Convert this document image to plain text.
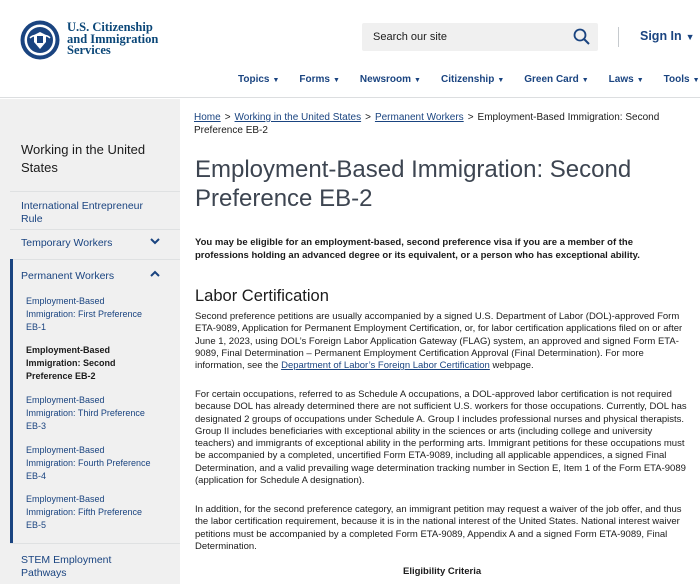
U.S. Citizenship
and Immigration
Services
Search our site
Sign In ▼
Topics ▼ Forms ▼ Newsroom ▼ Citizenship ▼ Green Card ▼ Laws ▼ Tools ▼
Working in the United States
International Entrepreneur Rule
Temporary Workers
Permanent Workers
Employment-Based Immigration: First Preference EB-1
Employment-Based Immigration: Second Preference EB-2
Employment-Based Immigration: Third Preference EB-3
Employment-Based Immigration: Fourth Preference EB-4
Employment-Based Immigration: Fifth Preference EB-5
STEM Employment Pathways
Home > Working in the United States > Permanent Workers > Employment-Based Immigration: Second Preference EB-2
Employment-Based Immigration: Second Preference EB-2

You may be eligible for an employment-based, second preference visa if you are a member of the professions holding an advanced degree or its equivalent, or a person who has exceptional ability.

Labor Certification

Second preference petitions are usually accompanied by a signed U.S. Department of Labor (DOL)-approved Form ETA-9089, Application for Permanent Employment Certification, or, for labor certification applications filed on or after June 1, 2023, using DOL’s Foreign Labor Application Gateway (FLAG) system, an approved and signed Form ETA-9089, Final Determination – Permanent Employment Certification Approval (Final Determination). For more information, see the Department of Labor’s Foreign Labor Certification webpage.

For certain occupations, referred to as Schedule A occupations, a DOL-approved labor certification is not required because DOL has already determined there are not sufficient U.S. workers for those occupations. Currently, DOL has designated 2 groups of occupations under Schedule A. Group I includes professional nurses and physical therapists. Group II includes beneficiaries with exceptional ability in the sciences or arts (including college and university teachers) and immigrants of exceptional ability in the performing arts. Immigrant petitions for these occupations must be accompanied by a completed, uncertified Form ETA-9089, including all applicable appendices, a signed Final Determination, and a valid prevailing wage determination tracking number in Section E, Item 1 of the Form ETA-9089 (application for Schedule A designation).

In addition, for the second preference category, an immigrant petition may request a waiver of the job offer, and thus the labor certification requirement, because it is in the national interest of the United States. National interest waiver petitions must be accompanied by a completed Form ETA-9089, Appendix A and a signed Form ETA-9089, Final Determination.

Eligibility Criteria
